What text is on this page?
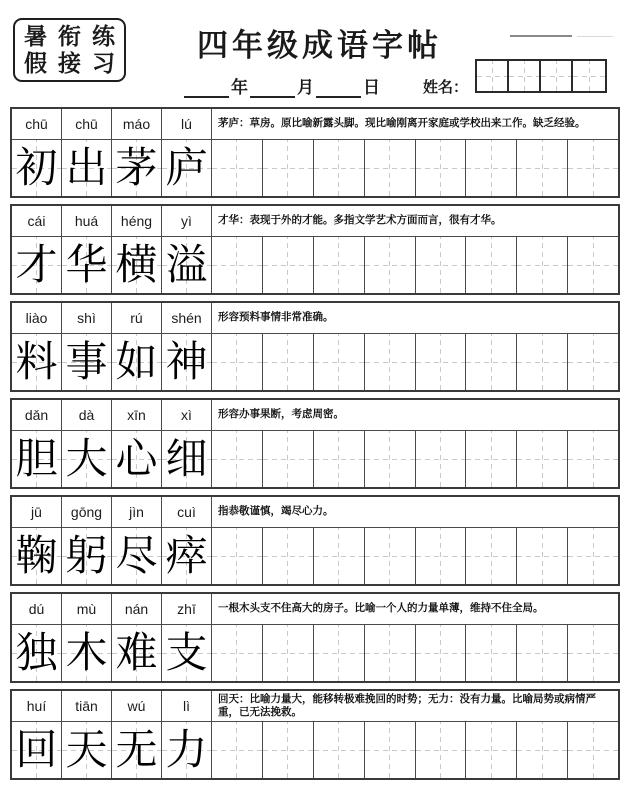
暑 衔 练
假 接 习	四年级成语字帖
年	月	日	姓名：
chū	chū	máo	lú	茅庐：草房。原比喻新露头脚。现比喻刚离开家庭或学校出来工作。缺乏经验。
初 出 茅 庐
cái	huá	héng	yì	才华：表现于外的才能。多指文学艺术方面而言，很有才华。
才 华 横 溢
liào	shì	rú	shén	形容预料事情非常准确。
料 事 如 神
dǎn	dà	xīn	xì	形容办事果断，考虑周密。
胆 大 心 细
jū	gōng	jìn	cuì	指恭敬谨慎，竭尽心力。
鞠 躬 尽 瘁
dú	mù	nán	zhī	一根木头支不住高大的房子。比喻一个人的力量单薄，维持不住全局。
独 木 难 支
huí	tiān	wú	lì	回天：比喻力量大，能移转极难挽回的时势；无力：没有力量。比喻局势或病情严重，已无法挽救。
回 天 无 力
